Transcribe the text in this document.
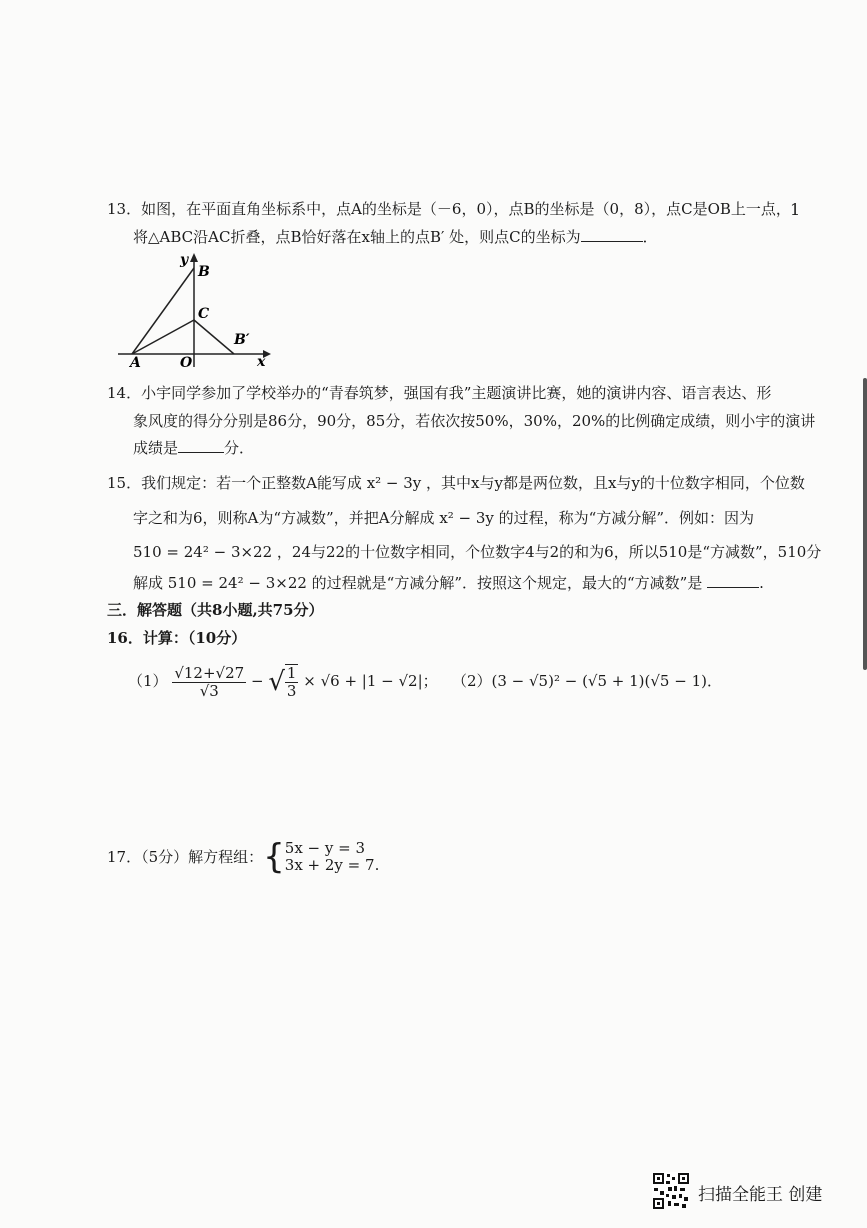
1
13．如图，在平面直角坐标系中，点A的坐标是（－6，0），点B的坐标是（0，8），点C是OB上一点，
将△ABC沿AC折叠，点B恰好落在x轴上的点B′ 处，则点C的坐标为	．
y
x
A	O
B
C
B′
14．小宇同学参加了学校举办的“青春筑梦，强国有我”主题演讲比赛，她的演讲内容、语言表达、形
象风度的得分分别是86分，90分，85分，若依次按50%，30%，20%的比例确定成绩，则小宇的演讲
成绩是	分．
15．我们规定：若一个正整数A能写成 x² − 3y ，其中x与y都是两位数，且x与y的十位数字相同，个位数
字之和为6，则称A为“方减数”，并把A分解成 x² − 3y 的过程，称为“方减分解”．例如：因为
510 = 24² − 3×22 ，24与22的十位数字相同，个位数字4与2的和为6，所以510是“方减数”，510分
解成 510 = 24² − 3×22 的过程就是“方减分解”．按照这个规定，最大的“方减数”是	.
三．解答题（共8小题,共75分）
16．计算：（10分）
$(1) \frac{√12+√27}{√3}$ − √ $\frac{1}{3} \times √6 + |1 - √2|$； （2）(3 − √5)² − (√5 + 1)(√5 − 1)．
17．（5分）解方程组：{ 5x − y = 3
3x + 2y = 7.
扫描全能王 创建
